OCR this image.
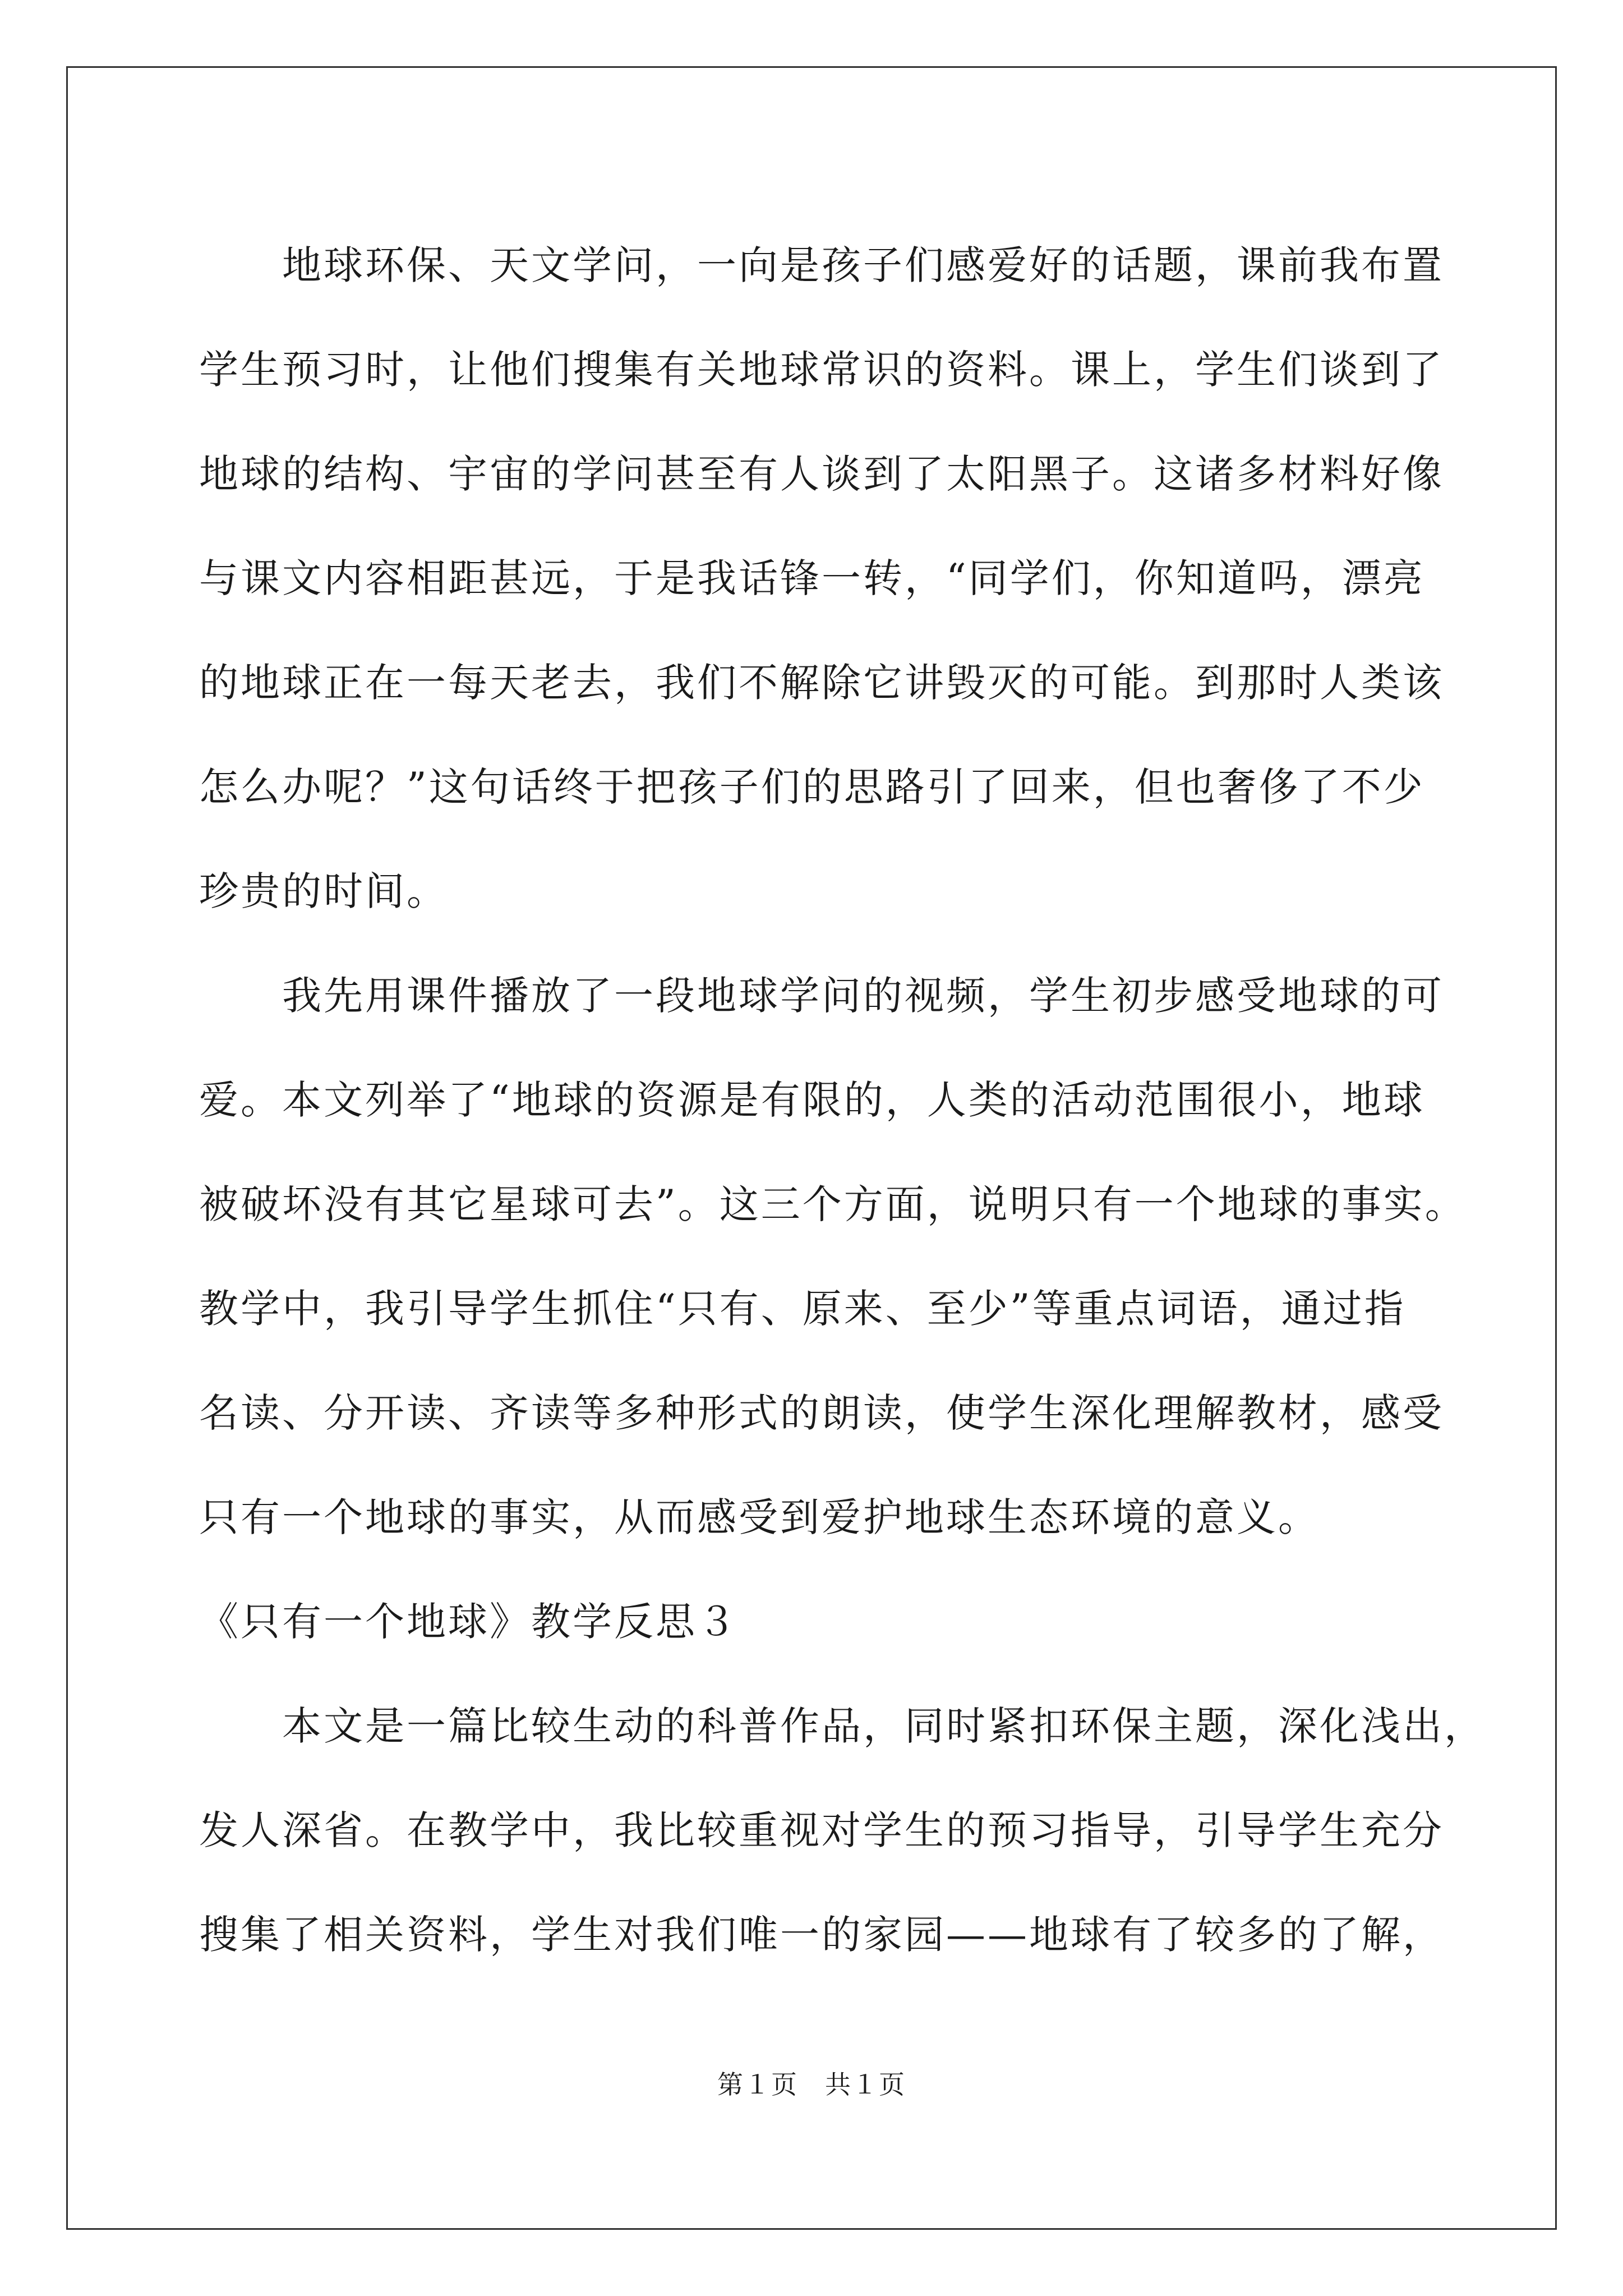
地球环保、天文学问，一向是孩子们感爱好的话题，课前我布置
学生预习时，让他们搜集有关地球常识的资料。课上，学生们谈到了
地球的结构、宇宙的学问甚至有人谈到了太阳黑子。这诸多材料好像
与课文内容相距甚远，于是我话锋一转，“同学们，你知道吗，漂亮
的地球正在一每天老去，我们不解除它讲毁灭的可能。到那时人类该
怎么办呢？”这句话终于把孩子们的思路引了回来，但也奢侈了不少
珍贵的时间。
我先用课件播放了一段地球学问的视频，学生初步感受地球的可
爱。本文列举了“地球的资源是有限的，人类的活动范围很小，地球
被破坏没有其它星球可去”。这三个方面，说明只有一个地球的事实。
教学中，我引导学生抓住“只有、原来、至少”等重点词语，通过指
名读、分开读、齐读等多种形式的朗读，使学生深化理解教材，感受
只有一个地球的事实，从而感受到爱护地球生态环境的意义。
《只有一个地球》教学反思３
本文是一篇比较生动的科普作品，同时紧扣环保主题，深化浅出，
发人深省。在教学中，我比较重视对学生的预习指导，引导学生充分
搜集了相关资料，学生对我们唯一的家园——地球有了较多的了解，
第１页　共１页
